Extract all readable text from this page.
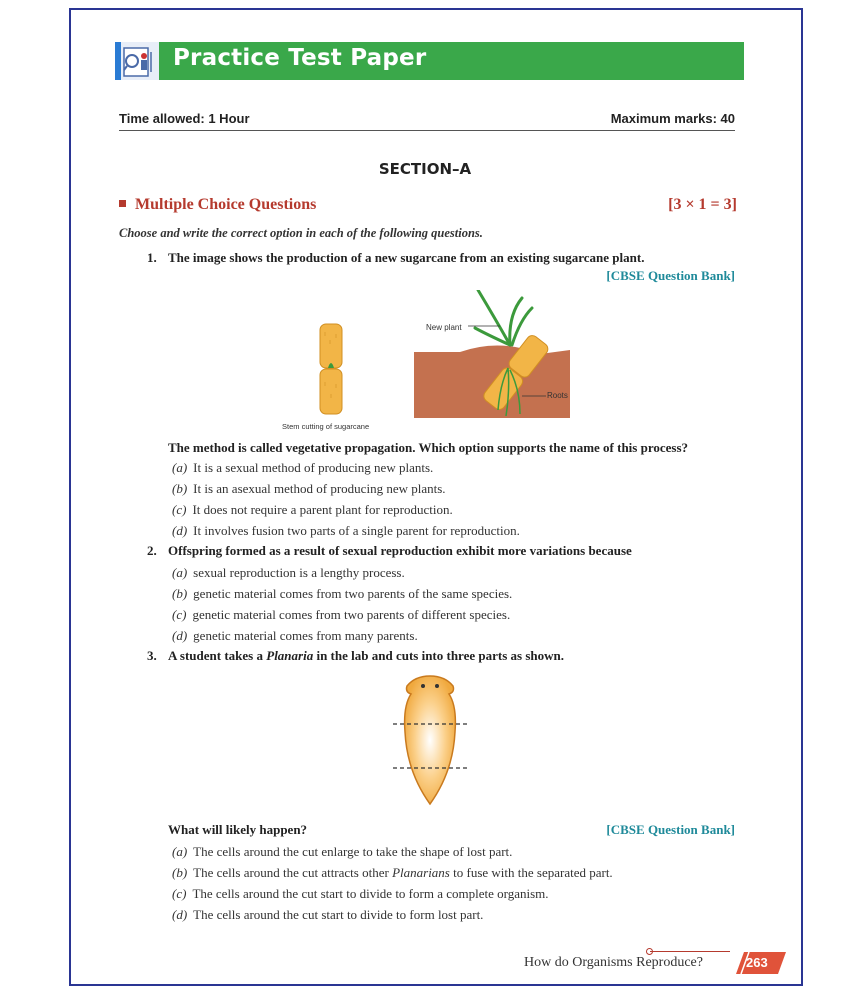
Practice Test Paper
Time allowed: 1 Hour	Maximum marks: 40
SECTION–A
Multiple Choice Questions	[3 × 1 = 3]
Choose and write the correct option in each of the following questions.
1. The image shows the production of a new sugarcane from an existing sugarcane plant.
[CBSE Question Bank]
New plant
Roots
Stem cutting of sugarcane
The method is called vegetative propagation. Which option supports the name of this process?
(a) It is a sexual method of producing new plants.
(b) It is an asexual method of producing new plants.
(c) It does not require a parent plant for reproduction.
(d) It involves fusion two parts of a single parent for reproduction.
2. Offspring formed as a result of sexual reproduction exhibit more variations because
(a) sexual reproduction is a lengthy process.
(b) genetic material comes from two parents of the same species.
(c) genetic material comes from two parents of different species.
(d) genetic material comes from many parents.
3. A student takes a Planaria in the lab and cuts into three parts as shown.
What will likely happen?	[CBSE Question Bank]
(a) The cells around the cut enlarge to take the shape of lost part.
(b) The cells around the cut attracts other Planarians to fuse with the separated part.
(c) The cells around the cut start to divide to form a complete organism.
(d) The cells around the cut start to divide to form lost part.
How do Organisms Reproduce?	263
